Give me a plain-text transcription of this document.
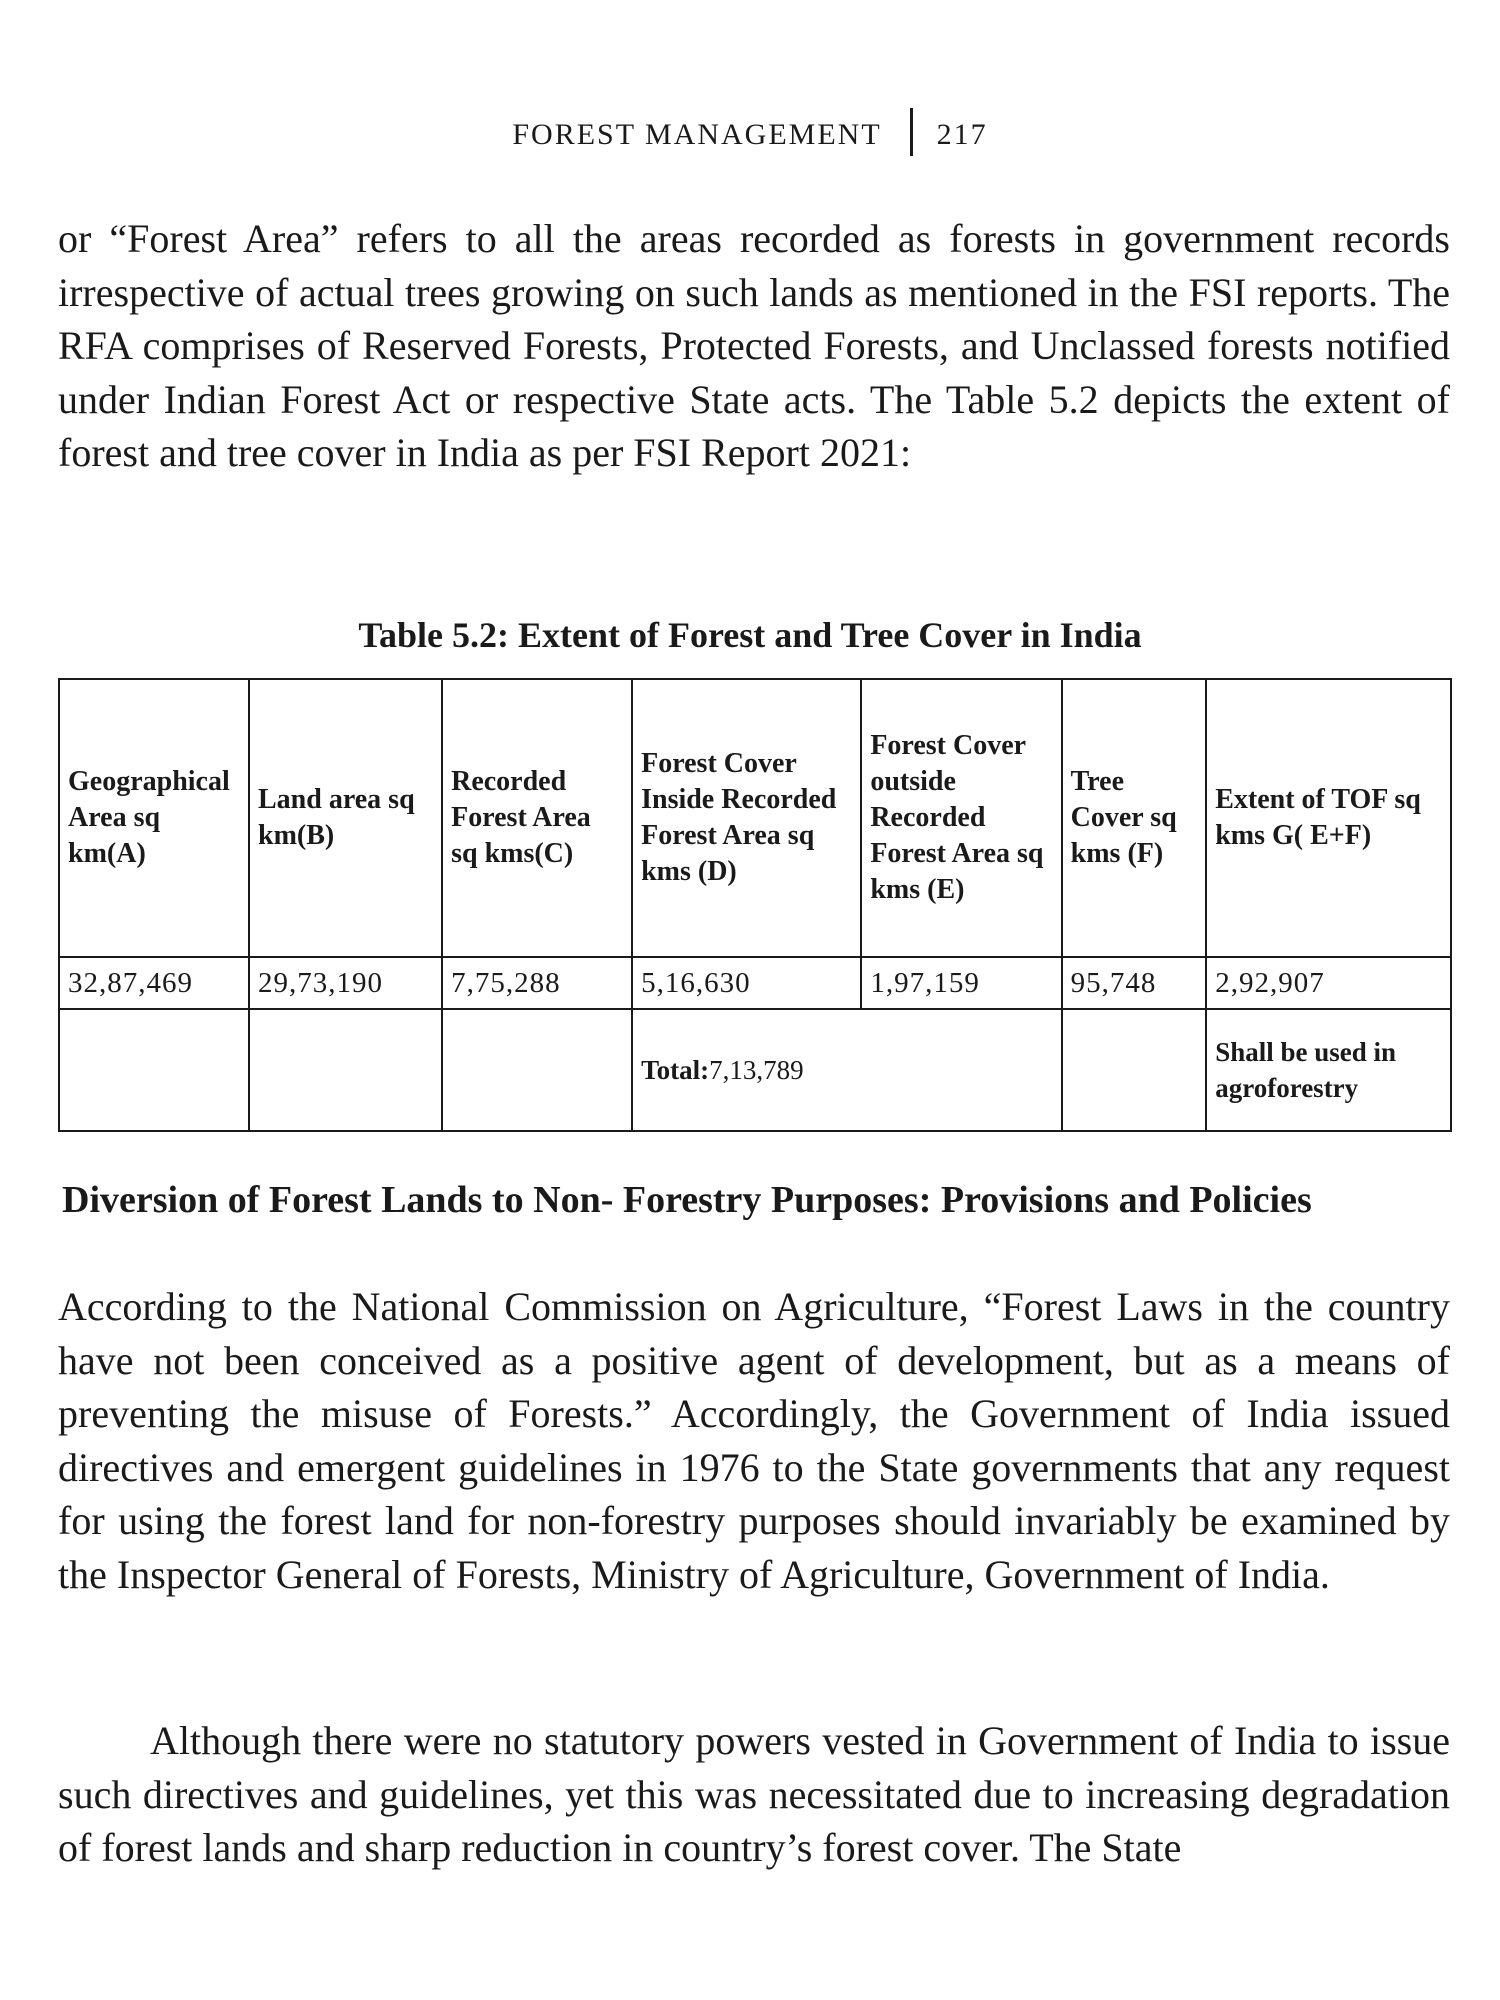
FOREST MANAGEMENT 217

or “Forest Area” refers to all the areas recorded as forests in government records irrespective of actual trees growing on such lands as mentioned in the FSI reports. The RFA comprises of Reserved Forests, Protected Forests, and Unclassed forests notified under Indian Forest Act or respective State acts. The Table 5.2 depicts the extent of forest and tree cover in India as per FSI Report 2021:

Table 5.2: Extent of Forest and Tree Cover in India
Geographical Area sq km(A)	Land area sq km(B)	Recorded Forest Area sq kms(C)	Forest Cover Inside Recorded Forest Area sq kms (D)	Forest Cover outside Recorded Forest Area sq kms (E)	Tree Cover sq kms (F)	Extent of TOF sq kms G( E+F)
32,87,469	29,73,190	7,75,288	5,16,630	1,97,159	95,748	2,92,907
			Total:7,13,789			Shall be used in agroforestry
Diversion of Forest Lands to Non- Forestry Purposes: Provisions and Policies

According to the National Commission on Agriculture, “Forest Laws in the country have not been conceived as a positive agent of development, but as a means of preventing the misuse of Forests.” Accordingly, the Government of India issued directives and emergent guidelines in 1976 to the State governments that any request for using the forest land for non-forestry purposes should invariably be examined by the Inspector General of Forests, Ministry of Agriculture, Government of India.

Although there were no statutory powers vested in Government of India to issue such directives and guidelines, yet this was necessitated due to increasing degradation of forest lands and sharp reduction in country’s forest cover. The State
